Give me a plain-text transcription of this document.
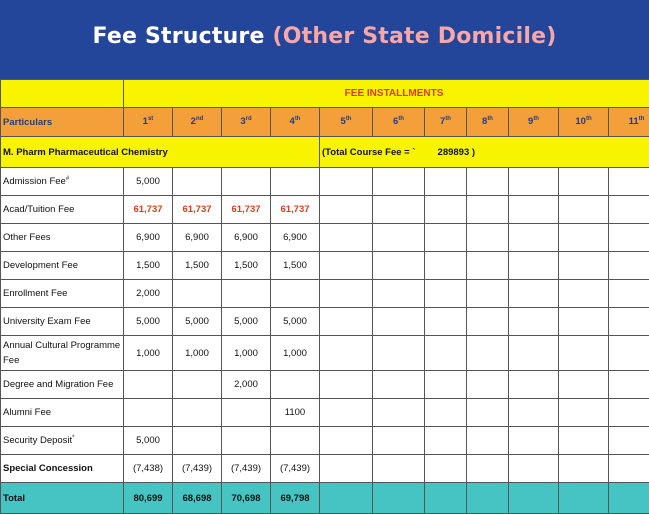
Fee Structure (Other State Domicile)
	FEE INSTALLMENTS										
Particulars	1st	2nd	3rd	4th	5th	6th	7th	8th	9th	10th	11th
M. Pharm Pharmaceutical Chemistry					(Total Course Fee = ` 289893 )						
Admission Fee#	5,000										
Acad/Tuition Fee	61,737	61,737	61,737	61,737							
Other Fees	6,900	6,900	6,900	6,900							
Development Fee	1,500	1,500	1,500	1,500							
Enrollment Fee	2,000										
University Exam Fee	5,000	5,000	5,000	5,000							
Annual Cultural Programme Fee	1,000	1,000	1,000	1,000							
Degree and Migration Fee			2,000								
Alumni Fee				1100							
Security Deposit*	5,000										
Special Concession	(7,438)	(7,439)	(7,439)	(7,439)							
Total	80,699	68,698	70,698	69,798							
